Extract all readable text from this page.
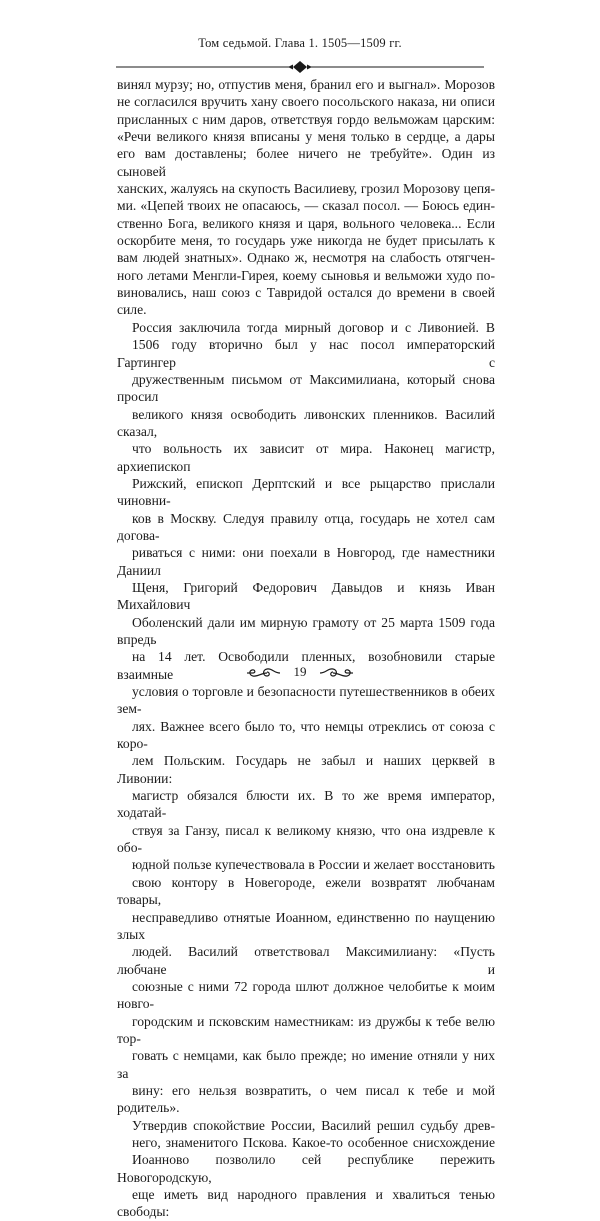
Том седьмой. Глава 1. 1505—1509 гг.

винял мурзу; но, отпустив меня, бранил его и выгнал». Морозов
не согласился вручить хану своего посольского наказа, ни описи
присланных с ним даров, ответствуя гордо вельможам царским:
«Речи великого князя вписаны у меня только в сердце, а дары
его вам доставлены; более ничего не требуйте». Один из сыновей
ханских, жалуясь на скупость Василиеву, грозил Морозову цепя-
ми. «Цепей твоих не опасаюсь, — сказал посол. — Боюсь един-
ственно Бога, великого князя и царя, вольного человека... Если
оскорбите меня, то государь уже никогда не будет присылать к
вам людей знатных». Однако ж, несмотря на слабость отягчен-
ного летами Менгли-Гирея, коему сыновья и вельможи худо по-
виновались, наш союз с Тавридой остался до времени в своей
силе.

Россия заключила тогда мирный договор и с Ливонией. В
1506 году вторично был у нас посол императорский Гартингер с
дружественным письмом от Максимилиана, который снова просил
великого князя освободить ливонских пленников. Василий сказал,
что вольность их зависит от мира. Наконец магистр, архиепископ
Рижский, епископ Дерптский и все рыцарство прислали чиновни-
ков в Москву. Следуя правилу отца, государь не хотел сам догова-
риваться с ними: они поехали в Новгород, где наместники Даниил
Щеня, Григорий Федорович Давыдов и князь Иван Михайлович
Оболенский дали им мирную грамоту от 25 марта 1509 года впредь
на 14 лет. Освободили пленных, возобновили старые взаимные
условия о торговле и безопасности путешественников в обеих зем-
лях. Важнее всего было то, что немцы отреклись от союза с коро-
лем Польским. Государь не забыл и наших церквей в Ливонии:
магистр обязался блюсти их. В то же время император, ходатай-
ствуя за Ганзу, писал к великому князю, что она издревле к обо-
юдной пользе купечествовала в России и желает восстановить
свою контору в Новегороде, ежели возвратят любчанам товары,
несправедливо отнятые Иоанном, единственно по наущению злых
людей. Василий ответствовал Максимилиану: «Пусть любчане и
союзные с ними 72 города шлют должное челобитье к моим новго-
городским и псковским наместникам: из дружбы к тебе велю тор-
говать с немцами, как было прежде; но имение отняли у них за
вину: его нельзя возвратить, о чем пиcал к тебе и мой родитель».

Утвердив спокойствие России, Василий решил судьбу древ-
него, знаменитого Пскова. Какое-то особенное снисхождение
Иоанново позволило сей республике пережить Новогородскую,
еще иметь вид народного правления и хвалиться тенью свободы:

19
